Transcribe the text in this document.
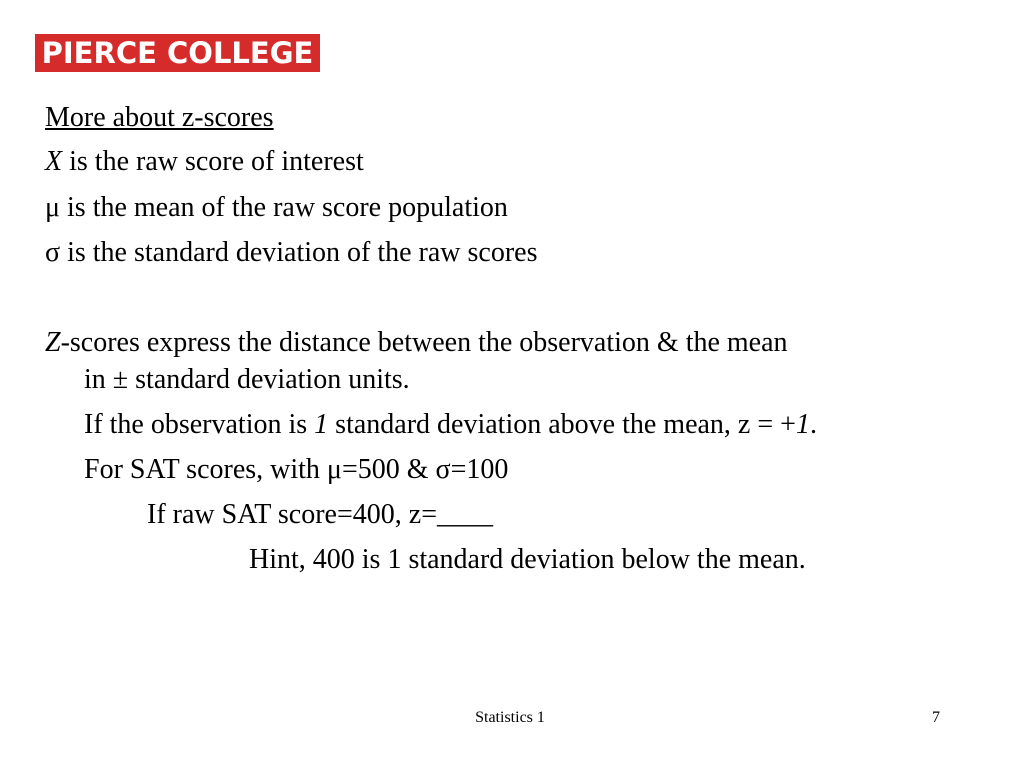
PIERCE COLLEGE
More about z-scores
X is the raw score of interest
μ is the mean of the raw score population
σ is the standard deviation of the raw scores
Z-scores express the distance between the observation & the mean
in ± standard deviation units.
If the observation is 1 standard deviation above the mean, z = +1.
For SAT scores, with μ=500 & σ=100
If raw SAT score=400, z=____
Hint, 400 is 1 standard deviation below the mean.
Statistics 1	7
